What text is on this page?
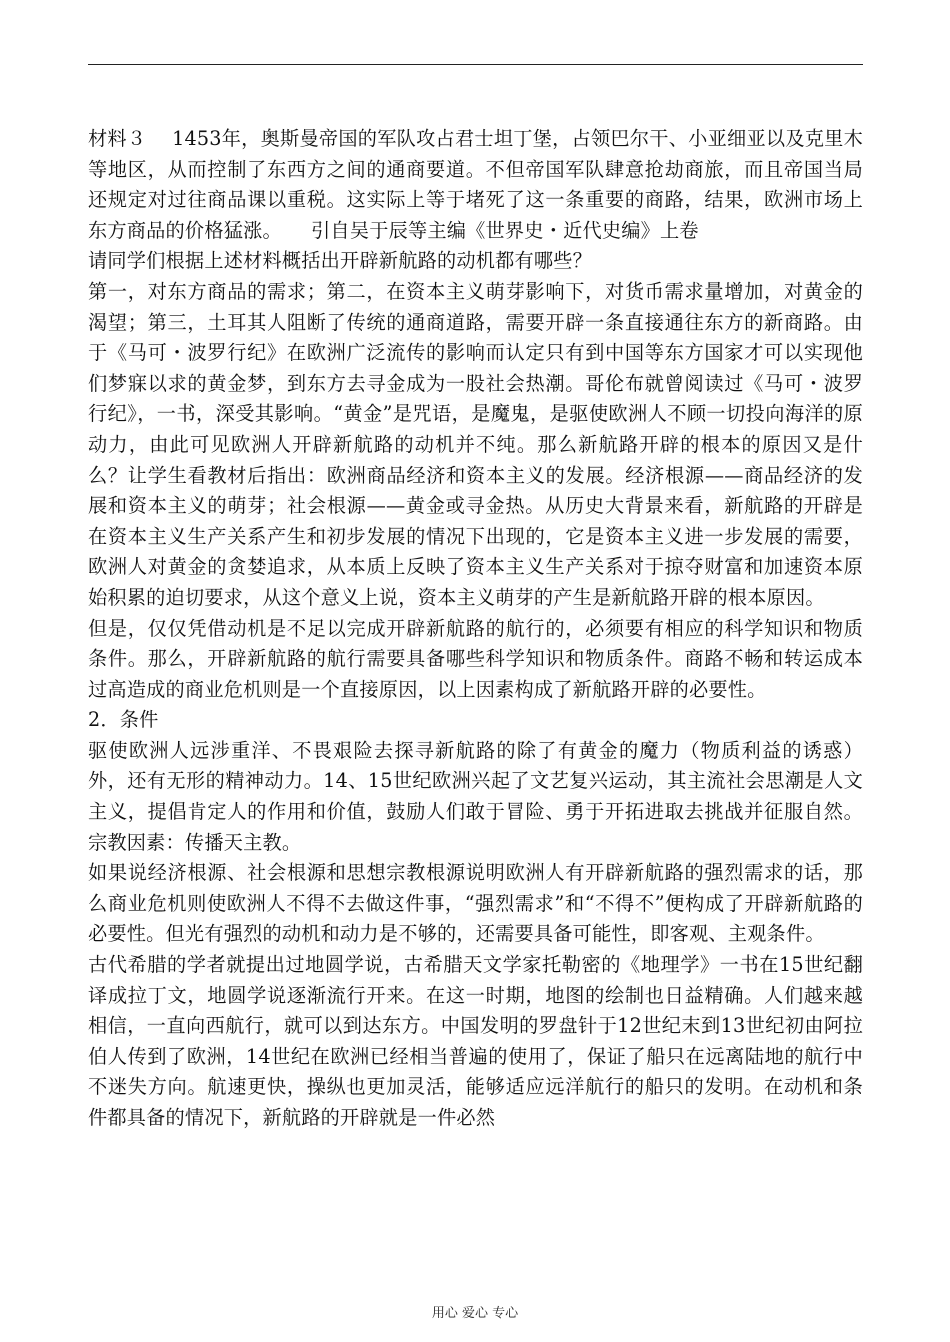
材料３　 1453年，奥斯曼帝国的军队攻占君士坦丁堡，占领巴尔干、小亚细亚以及克里木等地区，从而控制了东西方之间的通商要道。不但帝国军队肆意抢劫商旅，而且帝国当局还规定对过往商品课以重税。这实际上等于堵死了这一条重要的商路，结果，欧洲市场上东方商品的价格猛涨。　　引自吴于辰等主编《世界史・近代史编》上卷

请同学们根据上述材料概括出开辟新航路的动机都有哪些？

第一，对东方商品的需求；第二，在资本主义萌芽影响下，对货币需求量增加，对黄金的渴望；第三，土耳其人阻断了传统的通商道路，需要开辟一条直接通往东方的新商路。由于《马可・波罗行纪》在欧洲广泛流传的影响而认定只有到中国等东方国家才可以实现他们梦寐以求的黄金梦，到东方去寻金成为一股社会热潮。哥伦布就曾阅读过《马可・波罗行纪》，一书，深受其影响。“黄金”是咒语，是魔鬼，是驱使欧洲人不顾一切投向海洋的原动力，由此可见欧洲人开辟新航路的动机并不纯。那么新航路开辟的根本的原因又是什么？让学生看教材后指出：欧洲商品经济和资本主义的发展。经济根源——商品经济的发展和资本主义的萌芽；社会根源——黄金或寻金热。从历史大背景来看，新航路的开辟是在资本主义生产关系产生和初步发展的情况下出现的，它是资本主义进一步发展的需要，欧洲人对黄金的贪婪追求，从本质上反映了资本主义生产关系对于掠夺财富和加速资本原始积累的迫切要求，从这个意义上说，资本主义萌芽的产生是新航路开辟的根本原因。

但是，仅仅凭借动机是不足以完成开辟新航路的航行的，必须要有相应的科学知识和物质条件。那么，开辟新航路的航行需要具备哪些科学知识和物质条件。商路不畅和转运成本过高造成的商业危机则是一个直接原因，以上因素构成了新航路开辟的必要性。

2．条件

驱使欧洲人远涉重洋、不畏艰险去探寻新航路的除了有黄金的魔力（物质利益的诱惑）外，还有无形的精神动力。14、15世纪欧洲兴起了文艺复兴运动，其主流社会思潮是人文主义，提倡肯定人的作用和价值，鼓励人们敢于冒险、勇于开拓进取去挑战并征服自然。宗教因素：传播天主教。

如果说经济根源、社会根源和思想宗教根源说明欧洲人有开辟新航路的强烈需求的话，那么商业危机则使欧洲人不得不去做这件事，“强烈需求”和“不得不”便构成了开辟新航路的必要性。但光有强烈的动机和动力是不够的，还需要具备可能性，即客观、主观条件。

古代希腊的学者就提出过地圆学说，古希腊天文学家托勒密的《地理学》一书在15世纪翻译成拉丁文，地圆学说逐渐流行开来。在这一时期，地图的绘制也日益精确。人们越来越相信，一直向西航行，就可以到达东方。中国发明的罗盘针于12世纪末到13世纪初由阿拉伯人传到了欧洲，14世纪在欧洲已经相当普遍的使用了，保证了船只在远离陆地的航行中不迷失方向。航速更快，操纵也更加灵活，能够适应远洋航行的船只的发明。在动机和条件都具备的情况下，新航路的开辟就是一件必然

用心 爱心 专心
